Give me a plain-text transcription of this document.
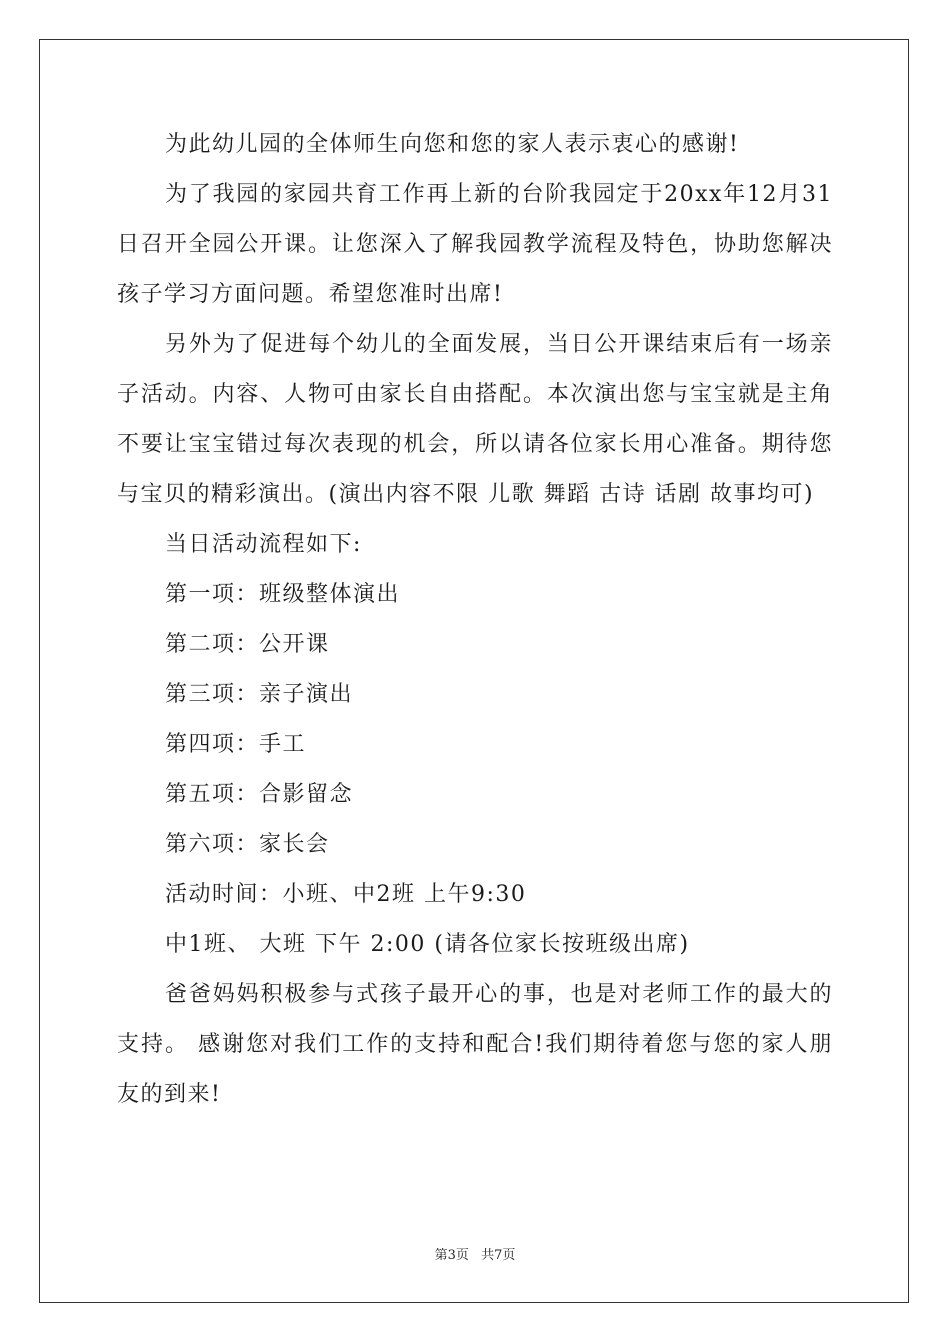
为此幼儿园的全体师生向您和您的家人表示衷心的感谢!

为了我园的家园共育工作再上新的台阶我园定于20xx年12月31日召开全园公开课。让您深入了解我园教学流程及特色，协助您解决孩子学习方面问题。希望您准时出席!

另外为了促进每个幼儿的全面发展，当日公开课结束后有一场亲子活动。内容、人物可由家长自由搭配。本次演出您与宝宝就是主角不要让宝宝错过每次表现的机会，所以请各位家长用心准备。期待您与宝贝的精彩演出。(演出内容不限 儿歌 舞蹈 古诗 话剧 故事均可)

当日活动流程如下:

第一项：班级整体演出

第二项：公开课

第三项：亲子演出

第四项：手工

第五项：合影留念

第六项：家长会

活动时间：小班、中2班 上午9:30

中1班、 大班 下午 2:00 (请各位家长按班级出席)

爸爸妈妈积极参与式孩子最开心的事，也是对老师工作的最大的支持。 感谢您对我们工作的支持和配合!我们期待着您与您的家人朋友的到来!

第3页 共7页
